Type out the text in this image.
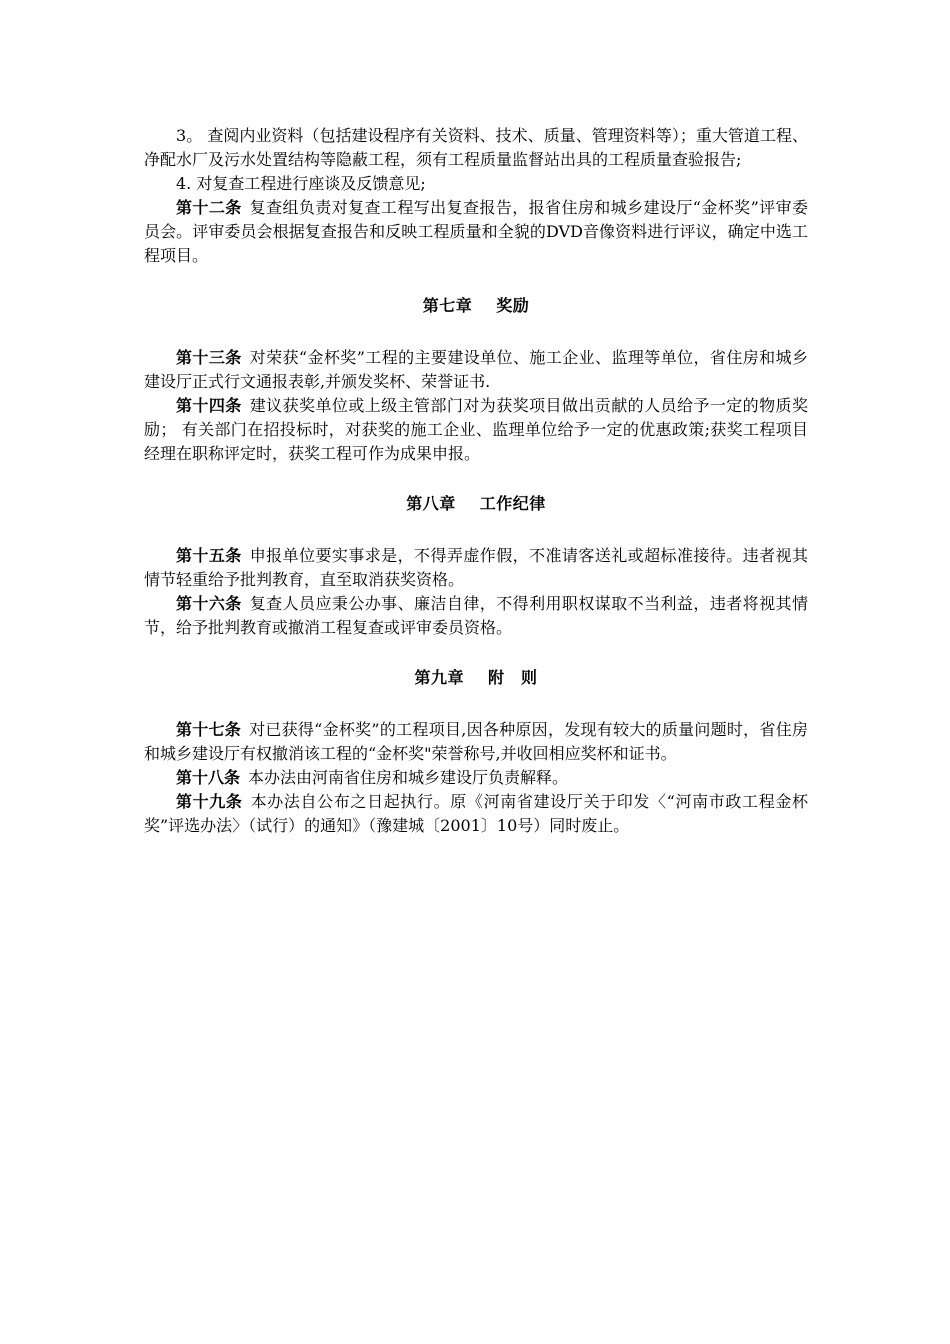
3。 查阅内业资料（包括建设程序有关资料、技术、质量、管理资料等）；重大管道工程、净配水厂及污水处置结构等隐蔽工程，须有工程质量监督站出具的工程质量查验报告;

4. 对复查工程进行座谈及反馈意见;

第十二条 复查组负责对复查工程写出复查报告，报省住房和城乡建设厅“金杯奖”评审委员会。评审委员会根据复查报告和反映工程质量和全貌的DVD音像资料进行评议，确定中选工程项目。

第七章 奖励

第十三条 对荣获“金杯奖”工程的主要建设单位、施工企业、监理等单位，省住房和城乡建设厅正式行文通报表彰,并颁发奖杯、荣誉证书.

第十四条 建议获奖单位或上级主管部门对为获奖项目做出贡献的人员给予一定的物质奖励； 有关部门在招投标时，对获奖的施工企业、监理单位给予一定的优惠政策;获奖工程项目经理在职称评定时，获奖工程可作为成果申报。

第八章 工作纪律

第十五条 申报单位要实事求是，不得弄虚作假，不准请客送礼或超标准接待。违者视其情节轻重给予批判教育，直至取消获奖资格。

第十六条 复查人员应秉公办事、廉洁自律，不得利用职权谋取不当利益，违者将视其情节，给予批判教育或撤消工程复查或评审委员资格。

第九章 附　则

第十七条 对已获得“金杯奖”的工程项目,因各种原因，发现有较大的质量问题时，省住房和城乡建设厅有权撤消该工程的“金杯奖"荣誉称号,并收回相应奖杯和证书。

第十八条 本办法由河南省住房和城乡建设厅负责解释。

第十九条 本办法自公布之日起执行。原《河南省建设厅关于印发〈“河南市政工程金杯奖”评选办法〉（试行）的通知》（豫建城〔2001〕10号）同时废止。
